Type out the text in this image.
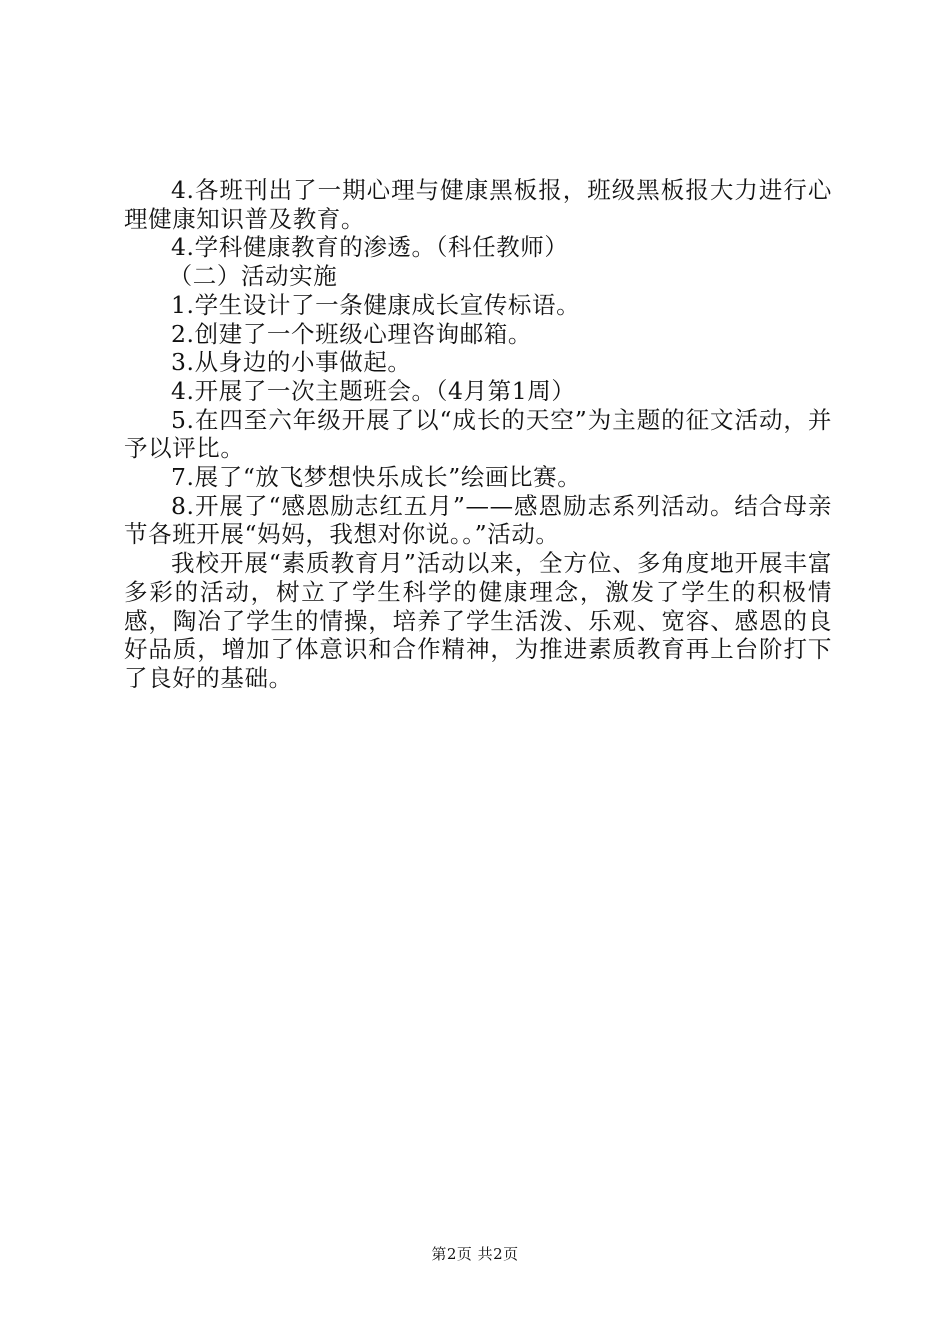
4.各班刊出了一期心理与健康黑板报，班级黑板报大力进行心理健康知识普及教育。

4.学科健康教育的渗透。（科任教师）

（二）活动实施

1.学生设计了一条健康成长宣传标语。

2.创建了一个班级心理咨询邮箱。

3.从身边的小事做起。

4.开展了一次主题班会。（4月第1周）

5.在四至六年级开展了以“成长的天空”为主题的征文活动，并予以评比。

7.展了“放飞梦想快乐成长”绘画比赛。

8.开展了“感恩励志红五月”——感恩励志系列活动。结合母亲节各班开展“妈妈，我想对你说。。”活动。

我校开展“素质教育月”活动以来，全方位、多角度地开展丰富多彩的活动，树立了学生科学的健康理念，激发了学生的积极情感，陶冶了学生的情操，培养了学生活泼、乐观、宽容、感恩的良好品质，增加了体意识和合作精神，为推进素质教育再上台阶打下了良好的基础。

第2页 共2页
